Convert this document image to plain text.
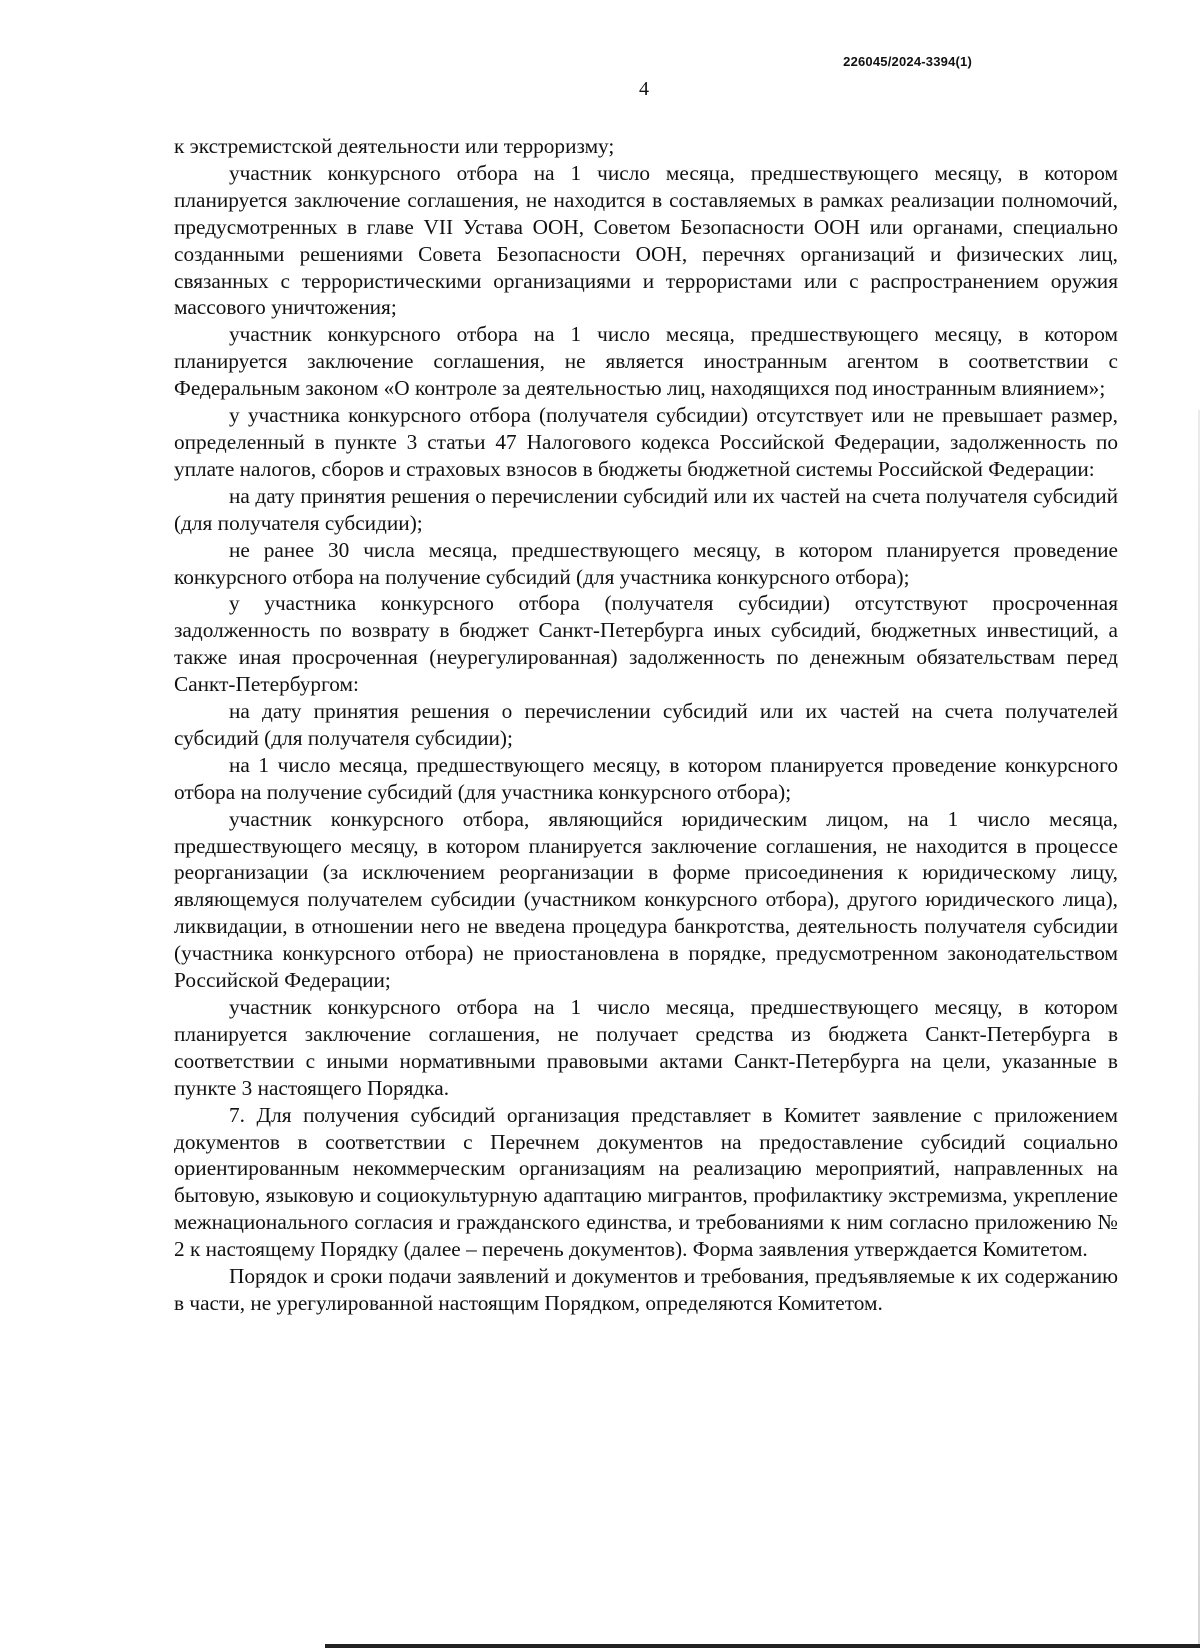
226045/2024-3394(1)
4

к экстремистской деятельности или терроризму;

участник конкурсного отбора на 1 число месяца, предшествующего месяцу, в котором планируется заключение соглашения, не находится в составляемых в рамках реализации полномочий, предусмотренных в главе VII Устава ООН, Советом Безопасности ООН или органами, специально созданными решениями Совета Безопасности ООН, перечнях организаций и физических лиц, связанных с террористическими организациями и террористами или с распространением оружия массового уничтожения;

участник конкурсного отбора на 1 число месяца, предшествующего месяцу, в котором планируется заключение соглашения, не является иностранным агентом в соответствии с Федеральным законом «О контроле за деятельностью лиц, находящихся под иностранным влиянием»;

у участника конкурсного отбора (получателя субсидии) отсутствует или не превышает размер, определенный в пункте 3 статьи 47 Налогового кодекса Российской Федерации, задолженность по уплате налогов, сборов и страховых взносов в бюджеты бюджетной системы Российской Федерации:

на дату принятия решения о перечислении субсидий или их частей на счета получателя субсидий (для получателя субсидии);

не ранее 30 числа месяца, предшествующего месяцу, в котором планируется проведение конкурсного отбора на получение субсидий (для участника конкурсного отбора);

у участника конкурсного отбора (получателя субсидии) отсутствуют просроченная задолженность по возврату в бюджет Санкт-Петербурга иных субсидий, бюджетных инвестиций, а также иная просроченная (неурегулированная) задолженность по денежным обязательствам перед Санкт-Петербургом:

на дату принятия решения о перечислении субсидий или их частей на счета получателей субсидий (для получателя субсидии);

на 1 число месяца, предшествующего месяцу, в котором планируется проведение конкурсного отбора на получение субсидий (для участника конкурсного отбора);

участник конкурсного отбора, являющийся юридическим лицом, на 1 число месяца, предшествующего месяцу, в котором планируется заключение соглашения, не находится в процессе реорганизации (за исключением реорганизации в форме присоединения к юридическому лицу, являющемуся получателем субсидии (участником конкурсного отбора), другого юридического лица), ликвидации, в отношении него не введена процедура банкротства, деятельность получателя субсидии (участника конкурсного отбора) не приостановлена в порядке, предусмотренном законодательством Российской Федерации;

участник конкурсного отбора на 1 число месяца, предшествующего месяцу, в котором планируется заключение соглашения, не получает средства из бюджета Санкт-Петербурга в соответствии с иными нормативными правовыми актами Санкт-Петербурга на цели, указанные в пункте 3 настоящего Порядка.

7. Для получения субсидий организация представляет в Комитет заявление с приложением документов в соответствии с Перечнем документов на предоставление субсидий социально ориентированным некоммерческим организациям на реализацию мероприятий, направленных на бытовую, языковую и социокультурную адаптацию мигрантов, профилактику экстремизма, укрепление межнационального согласия и гражданского единства, и требованиями к ним согласно приложению № 2 к настоящему Порядку (далее – перечень документов). Форма заявления утверждается Комитетом.

Порядок и сроки подачи заявлений и документов и требования, предъявляемые к их содержанию в части, не урегулированной настоящим Порядком, определяются Комитетом.
